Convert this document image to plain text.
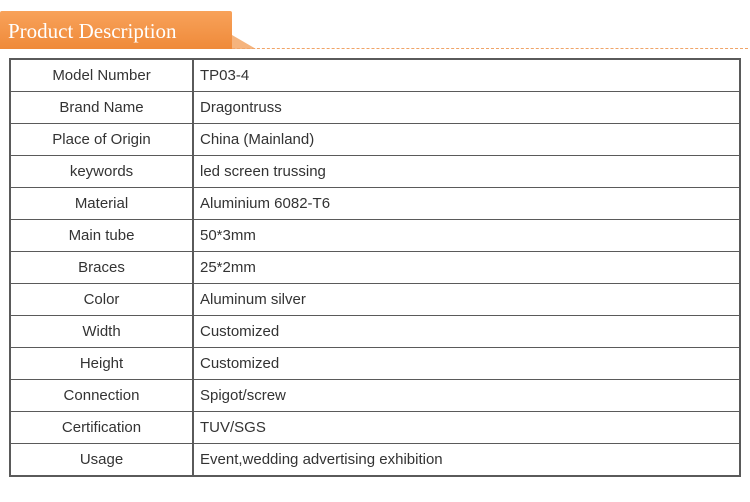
Product Description
Model Number	TP03-4
Brand Name	Dragontruss
Place of Origin	China (Mainland)
keywords	led screen trussing
Material	Aluminium 6082-T6
Main tube	50*3mm
Braces	25*2mm
Color	Aluminum silver
Width	Customized
Height	Customized
Connection	Spigot/screw
Certification	TUV/SGS
Usage	Event,wedding advertising exhibition
